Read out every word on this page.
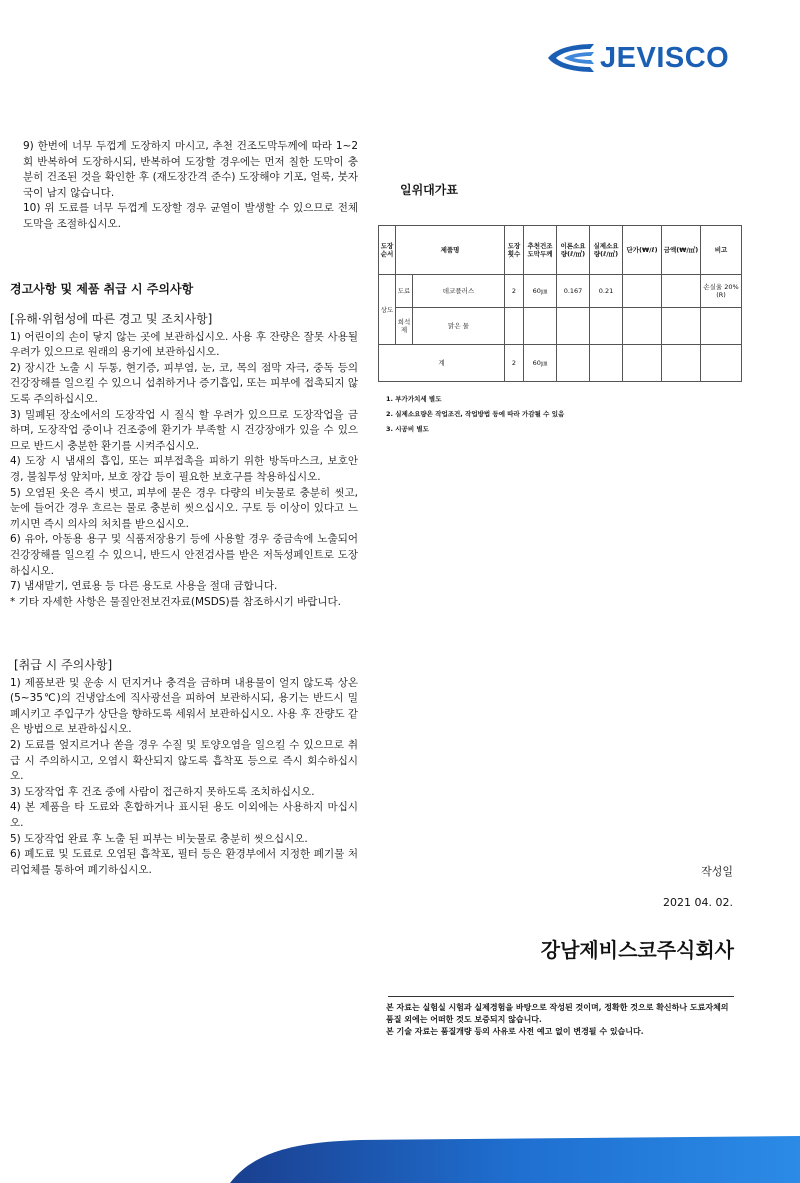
JEVISCO

9) 한번에 너무 두껍게 도장하지 마시고, 추천 건조도막두께에 따라 1~2회 반복하여 도장하시되, 반복하여 도장할 경우에는 먼저 칠한 도막이 충분히 건조된 것을 확인한 후 (재도장간격 준수) 도장해야 기포, 얼룩, 붓자국이 남지 않습니다.

10) 위 도료를 너무 두껍게 도장할 경우 균열이 발생할 수 있으므로 전체도막을 조절하십시오.

경고사항 및 제품 취급 시 주의사항

[유해·위험성에 따른 경고 및 조치사항]

1) 어린이의 손이 닿지 않는 곳에 보관하십시오. 사용 후 잔량은 잘못 사용될 우려가 있으므로 원래의 용기에 보관하십시오.

2) 장시간 노출 시 두통, 현기증, 피부염, 눈, 코, 목의 점막 자극, 중독 등의 건강장해를 일으킬 수 있으니 섭취하거나 증기흡입, 또는 피부에 접촉되지 않도록 주의하십시오.

3) 밀폐된 장소에서의 도장작업 시 질식 할 우려가 있으므로 도장작업을 금하며, 도장작업 중이나 건조중에 환기가 부족할 시 건강장애가 있을 수 있으므로 반드시 충분한 환기를 시켜주십시오.

4) 도장 시 냄새의 흡입, 또는 피부접촉을 피하기 위한 방독마스크, 보호안경, 불침투성 앞치마, 보호 장갑 등이 필요한 보호구를 착용하십시오.

5) 오염된 옷은 즉시 벗고, 피부에 묻은 경우 다량의 비눗물로 충분히 씻고, 눈에 들어간 경우 흐르는 물로 충분히 씻으십시오. 구토 등 이상이 있다고 느끼시면 즉시 의사의 처치를 받으십시오.

6) 유아, 아동용 용구 및 식품저장용기 등에 사용할 경우 중금속에 노출되어 건강장해를 일으킬 수 있으니, 반드시 안전검사를 받은 저독성페인트로 도장하십시오.

7) 냄새맡기, 연료용 등 다른 용도로 사용을 절대 금합니다.

* 기타 자세한 사항은 물질안전보건자료(MSDS)를 참조하시기 바랍니다.

[취급 시 주의사항]

1) 제품보관 및 운송 시 던지거나 충격을 금하며 내용물이 얼지 않도록 상온(5~35℃)의 건냉암소에 직사광선을 피하여 보관하시되, 용기는 반드시 밀폐시키고 주입구가 상단을 향하도록 세워서 보관하십시오. 사용 후 잔량도 같은 방법으로 보관하십시오.

2) 도료를 엎지르거나 쏟을 경우 수질 및 토양오염을 일으킬 수 있으므로 취급 시 주의하시고, 오염시 확산되지 않도록 흡착포 등으로 즉시 회수하십시오.

3) 도장작업 후 건조 중에 사람이 접근하지 못하도록 조치하십시오.

4) 본 제품을 타 도료와 혼합하거나 표시된 용도 이외에는 사용하지 마십시오.

5) 도장작업 완료 후 노출 된 피부는 비눗물로 충분히 씻으십시오.

6) 폐도료 및 도료로 오염된 흡착포, 필터 등은 환경부에서 지정한 폐기물 처리업체를 통하여 폐기하십시오.

일위대가표
도장순서	제품명		도장횟수	추천건조도막두께	이론소요량(ℓ/㎡)	실제소요량(ℓ/㎡)	단가(₩/ℓ)	금액(₩/㎡)	비고
상도	도료	데코플러스	2	60㎛	0.167	0.21			손실율 20%(R)
	희석제	맑은 물							
계			2	60㎛					
1. 부가가치세 별도
2. 실제소요량은 작업조건, 작업방법 등에 따라 가감될 수 있음
3. 시공비 별도
작성일
2021 04. 02.
강남제비스코주식회사

본 자료는 실험실 시험과 실제경험을 바탕으로 작성된 것이며, 정확한 것으로 확신하나 도료자체의 품질 외에는 어떠한 것도 보증되지 않습니다.

본 기술 자료는 품질개량 등의 사유로 사전 예고 없이 변경될 수 있습니다.
